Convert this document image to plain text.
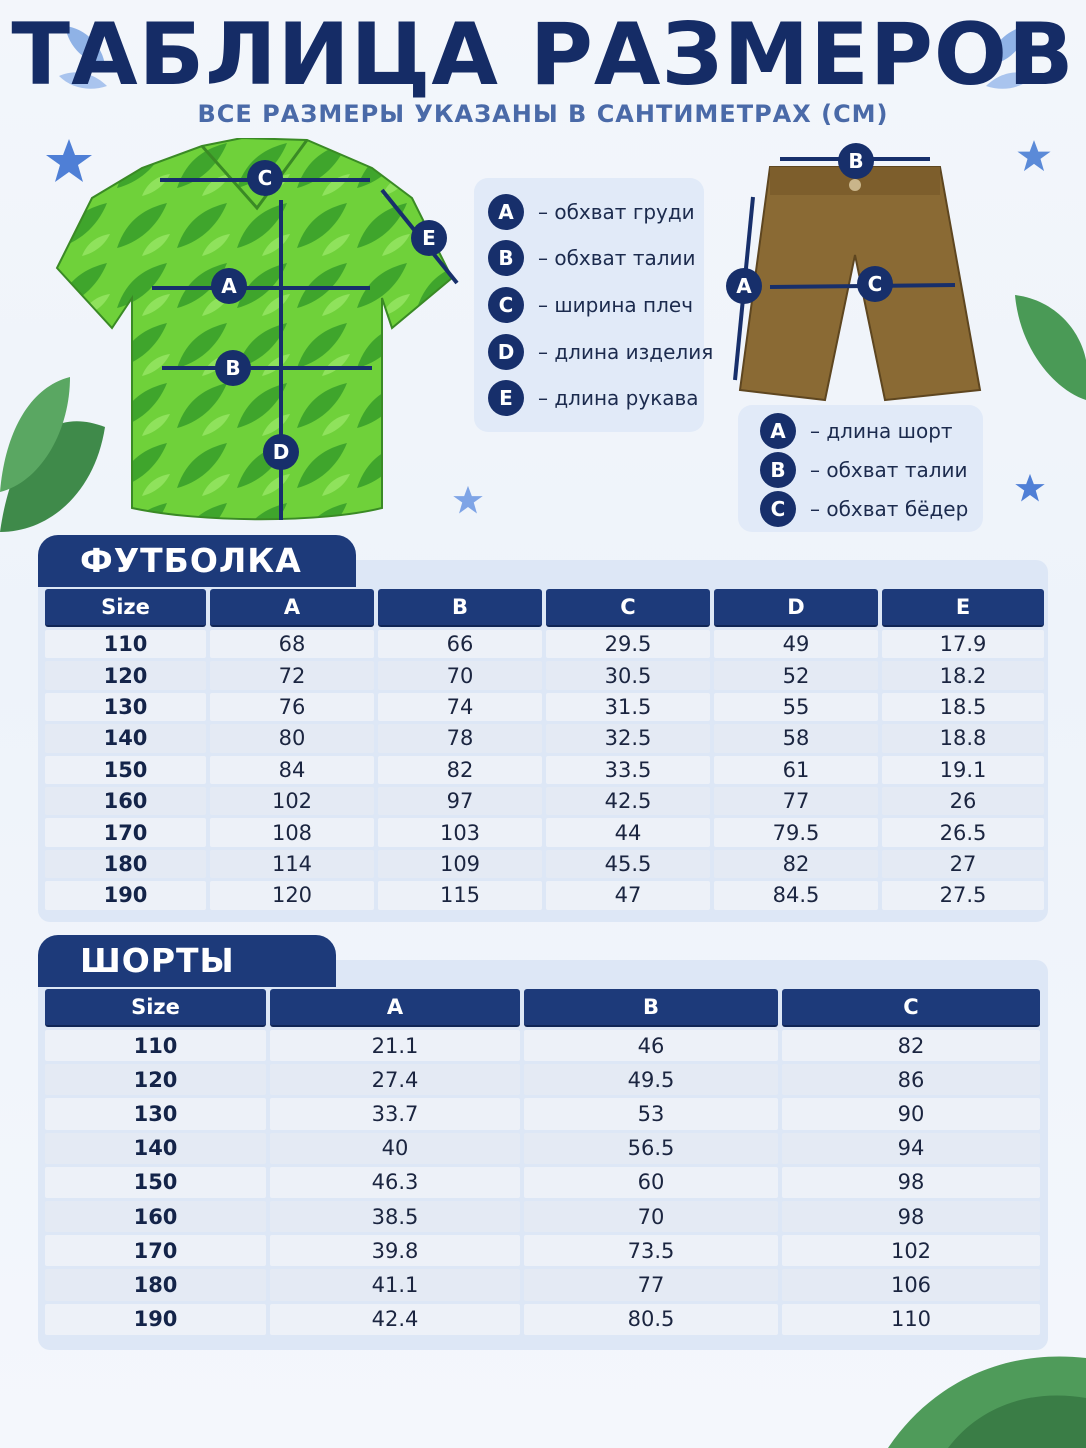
ТАБЛИЦА РАЗМЕРОВ
ВСЕ РАЗМЕРЫ УКАЗАНЫ В САНТИМЕТРАХ (СМ)
C
A
B
D
E
A	– обхват груди
B	– обхват талии
C	– ширина плеч
D	– длина изделия
E	– длина рукава
B
A	C
A	– длина шорт
B	– обхват талии
C	– обхват бёдер
ФУТБОЛКА
Size	A	B	C	D	E
110	68	66	29.5	49	17.9
120	72	70	30.5	52	18.2
130	76	74	31.5	55	18.5
140	80	78	32.5	58	18.8
150	84	82	33.5	61	19.1
160	102	97	42.5	77	26
170	108	103	44	79.5	26.5
180	114	109	45.5	82	27
190	120	115	47	84.5	27.5
ШОРТЫ
Size	A	B	C
110	21.1	46	82
120	27.4	49.5	86
130	33.7	53	90
140	40	56.5	94
150	46.3	60	98
160	38.5	70	98
170	39.8	73.5	102
180	41.1	77	106
190	42.4	80.5	110
